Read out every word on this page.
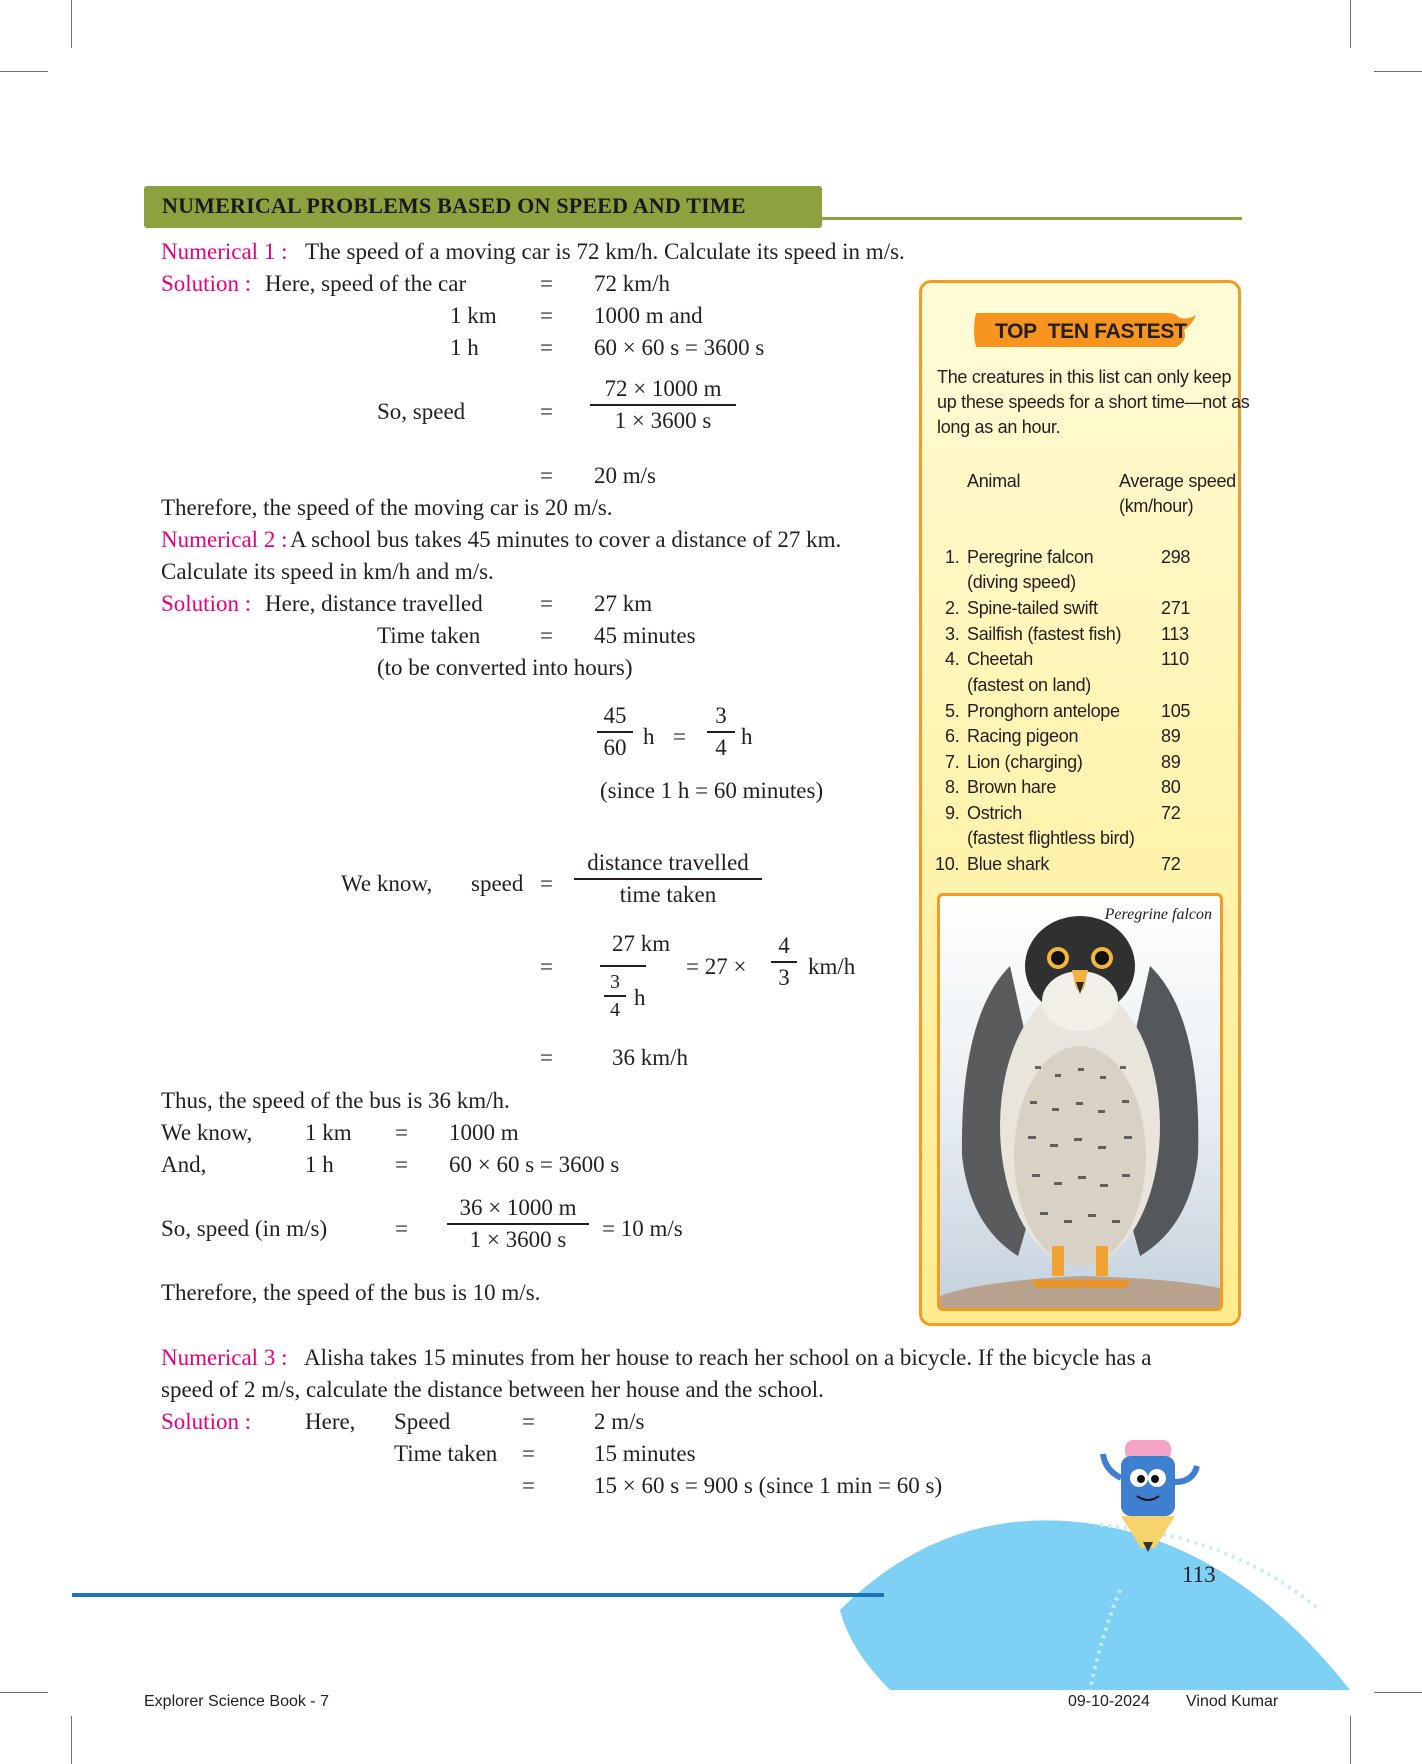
NUMERICAL PROBLEMS BASED ON SPEED AND TIME
Numerical 1 : The speed of a moving car is 72 km/h. Calculate its speed in m/s.
Solution : Here, speed of the car	= 72 km/h
1 km = 1000 m and
1 h	= 60 × 60 s = 3600 s
So, speed	=
72 × 1000 m
1 × 3600 s
= 20 m/s
Therefore, the speed of the moving car is 20 m/s.
Numerical 2 : A school bus takes 45 minutes to cover a distance of 27 km.
Calculate its speed in km/h and m/s.
Solution : Here, distance travelled = 27 km
Time taken	= 45 minutes
(to be converted into hours)
45
60 h =
3
4 h
(since 1 h = 60 minutes)
We know, speed =
distance travelled
time taken
=
27 km
3
4 h
= 27 ×
4
3 km/h
=	36 km/h
Thus, the speed of the bus is 36 km/h.
We know, 1 km = 1000 m
And,	1 h	= 60 × 60 s = 3600 s
So, speed (in m/s)	=
36 × 1000 m
1 × 3600 s	= 10 m/s
Therefore, the speed of the bus is 10 m/s.
Numerical 3 : Alisha takes 15 minutes from her house to reach her school on a bicycle. If the bicycle has a
speed of 2 m/s, calculate the distance between her house and the school.
Solution : Here, Speed	=	2 m/s
Time taken =	15 minutes
=	15 × 60 s = 900 s (since 1 min = 60 s)
TOP  TEN FASTEST
The creatures in this list can only keep
up these speeds for a short time—not as
long as an hour.
Animal	Average speed
(km/hour)
1. Peregrine falcon	298
(diving speed)
2. Spine-tailed swift	271
3. Sailfish (fastest fish) 113
4. Cheetah	110
(fastest on land)
5. Pronghorn antelope 105
6. Racing pigeon	89
7. Lion (charging)	89
8. Brown hare	80
9. Ostrich	72
(fastest flightless bird)
10. Blue shark	72
Peregrine falcon
113
Explorer Science Book - 7	09-10-2024 Vinod Kumar
